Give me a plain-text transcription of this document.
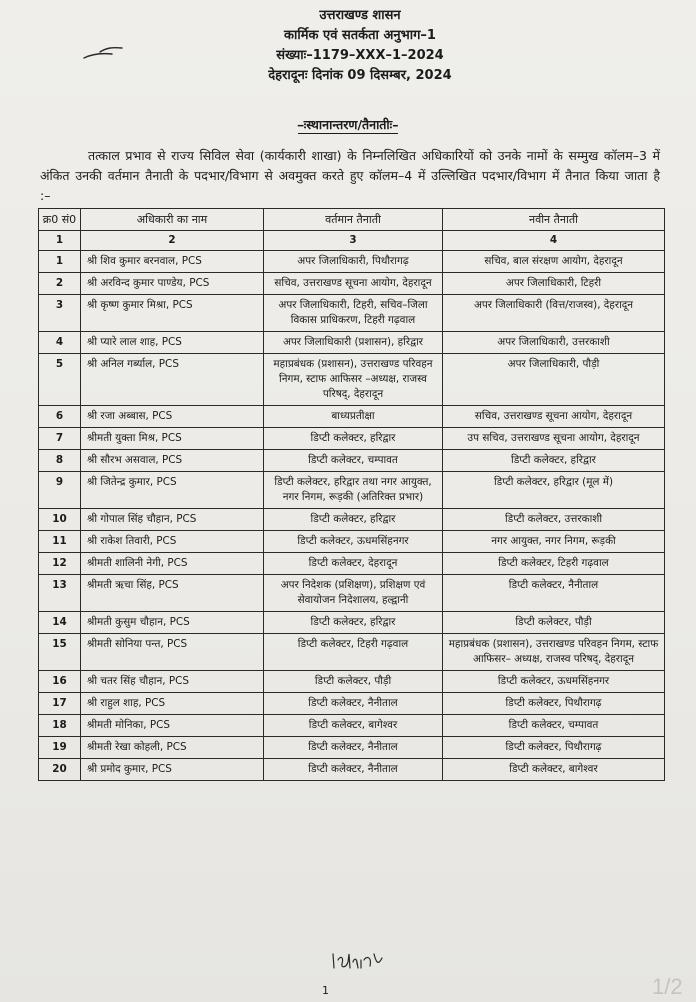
उत्तराखण्ड शासन
कार्मिक एवं सतर्कता अनुभाग–1
संख्याः–1179–XXX–1–2024
देहरादूनः दिनांक 09 दिसम्बर, 2024
–ःस्थानान्तरण/तैनातीः–
तत्काल प्रभाव से राज्य सिविल सेवा (कार्यकारी शाखा) के निम्नलिखित अधिकारियों को उनके नामों के सम्मुख कॉलम–3 में अंकित उनकी वर्तमान तैनाती के पदभार/विभाग से अवमुक्त करते हुए कॉलम–4 में उल्लिखित पदभार/विभाग में तैनात किया जाता है :–
क्र0 सं0	अधिकारी का नाम	वर्तमान तैनाती	नवीन तैनाती
1	2	3	4
1	श्री शिव कुमार बरनवाल, PCS	अपर जिलाधिकारी, पिथौरागढ़	सचिव, बाल संरक्षण आयोग, देहरादून
2	श्री अरविन्द कुमार पाण्डेय, PCS	सचिव, उत्तराखण्ड सूचना आयोग, देहरादून	अपर जिलाधिकारी, टिहरी
3	श्री कृष्ण कुमार मिश्रा, PCS	अपर जिलाधिकारी, टिहरी, सचिव–जिला विकास प्राधिकरण, टिहरी गढ़वाल	अपर जिलाधिकारी (वित्त/राजस्व), देहरादून
4	श्री प्यारे लाल शाह, PCS	अपर जिलाधिकारी (प्रशासन), हरिद्वार	अपर जिलाधिकारी, उत्तरकाशी
5	श्री अनिल गर्ब्याल, PCS	महाप्रबंधक (प्रशासन), उत्तराखण्ड परिवहन निगम, स्टाफ आफिसर –अध्यक्ष, राजस्व परिषद्, देहरादून	अपर जिलाधिकारी, पौड़ी
6	श्री रजा अब्बास, PCS	बाध्यप्रतीक्षा	सचिव, उत्तराखण्ड सूचना आयोग, देहरादून
7	श्रीमती युक्ता मिश्र, PCS	डिप्टी कलेक्टर, हरिद्वार	उप सचिव, उत्तराखण्ड सूचना आयोग, देहरादून
8	श्री सौरभ असवाल, PCS	डिप्टी कलेक्टर, चम्पावत	डिप्टी कलेक्टर, हरिद्वार
9	श्री जितेन्द्र कुमार, PCS	डिप्टी कलेक्टर, हरिद्वार तथा नगर आयुक्त, नगर निगम, रूड़की (अतिरिक्त प्रभार)	डिप्टी कलेक्टर, हरिद्वार (मूल में)
10	श्री गोपाल सिंह चौहान, PCS	डिप्टी कलेक्टर, हरिद्वार	डिप्टी कलेक्टर, उत्तरकाशी
11	श्री राकेश तिवारी, PCS	डिप्टी कलेक्टर, ऊधमसिंहनगर	नगर आयुक्त, नगर निगम, रूड़की
12	श्रीमती शालिनी नेगी, PCS	डिप्टी कलेक्टर, देहरादून	डिप्टी कलेक्टर, टिहरी गढ़वाल
13	श्रीमती ऋचा सिंह, PCS	अपर निदेशक (प्रशिक्षण), प्रशिक्षण एवं सेवायोजन निदेशालय, हल्द्वानी	डिप्टी कलेक्टर, नैनीताल
14	श्रीमती कुसुम चौहान, PCS	डिप्टी कलेक्टर, हरिद्वार	डिप्टी कलेक्टर, पौड़ी
15	श्रीमती सोनिया पन्त, PCS	डिप्टी कलेक्टर, टिहरी गढ़वाल	महाप्रबंधक (प्रशासन), उत्तराखण्ड परिवहन निगम, स्टाफ आफिसर– अध्यक्ष, राजस्व परिषद्, देहरादून
16	श्री चतर सिंह चौहान, PCS	डिप्टी कलेक्टर, पौड़ी	डिप्टी कलेक्टर, ऊधमसिंहनगर
17	श्री राहुल शाह, PCS	डिप्टी कलेक्टर, नैनीताल	डिप्टी कलेक्टर, पिथौरागढ़
18	श्रीमती मोनिका, PCS	डिप्टी कलेक्टर, बागेश्वर	डिप्टी कलेक्टर, चम्पावत
19	श्रीमती रेखा कोहली, PCS	डिप्टी कलेक्टर, नैनीताल	डिप्टी कलेक्टर, पिथौरागढ़
20	श्री प्रमोद कुमार, PCS	डिप्टी कलेक्टर, नैनीताल	डिप्टी कलेक्टर, बागेश्वर
1	1/2
